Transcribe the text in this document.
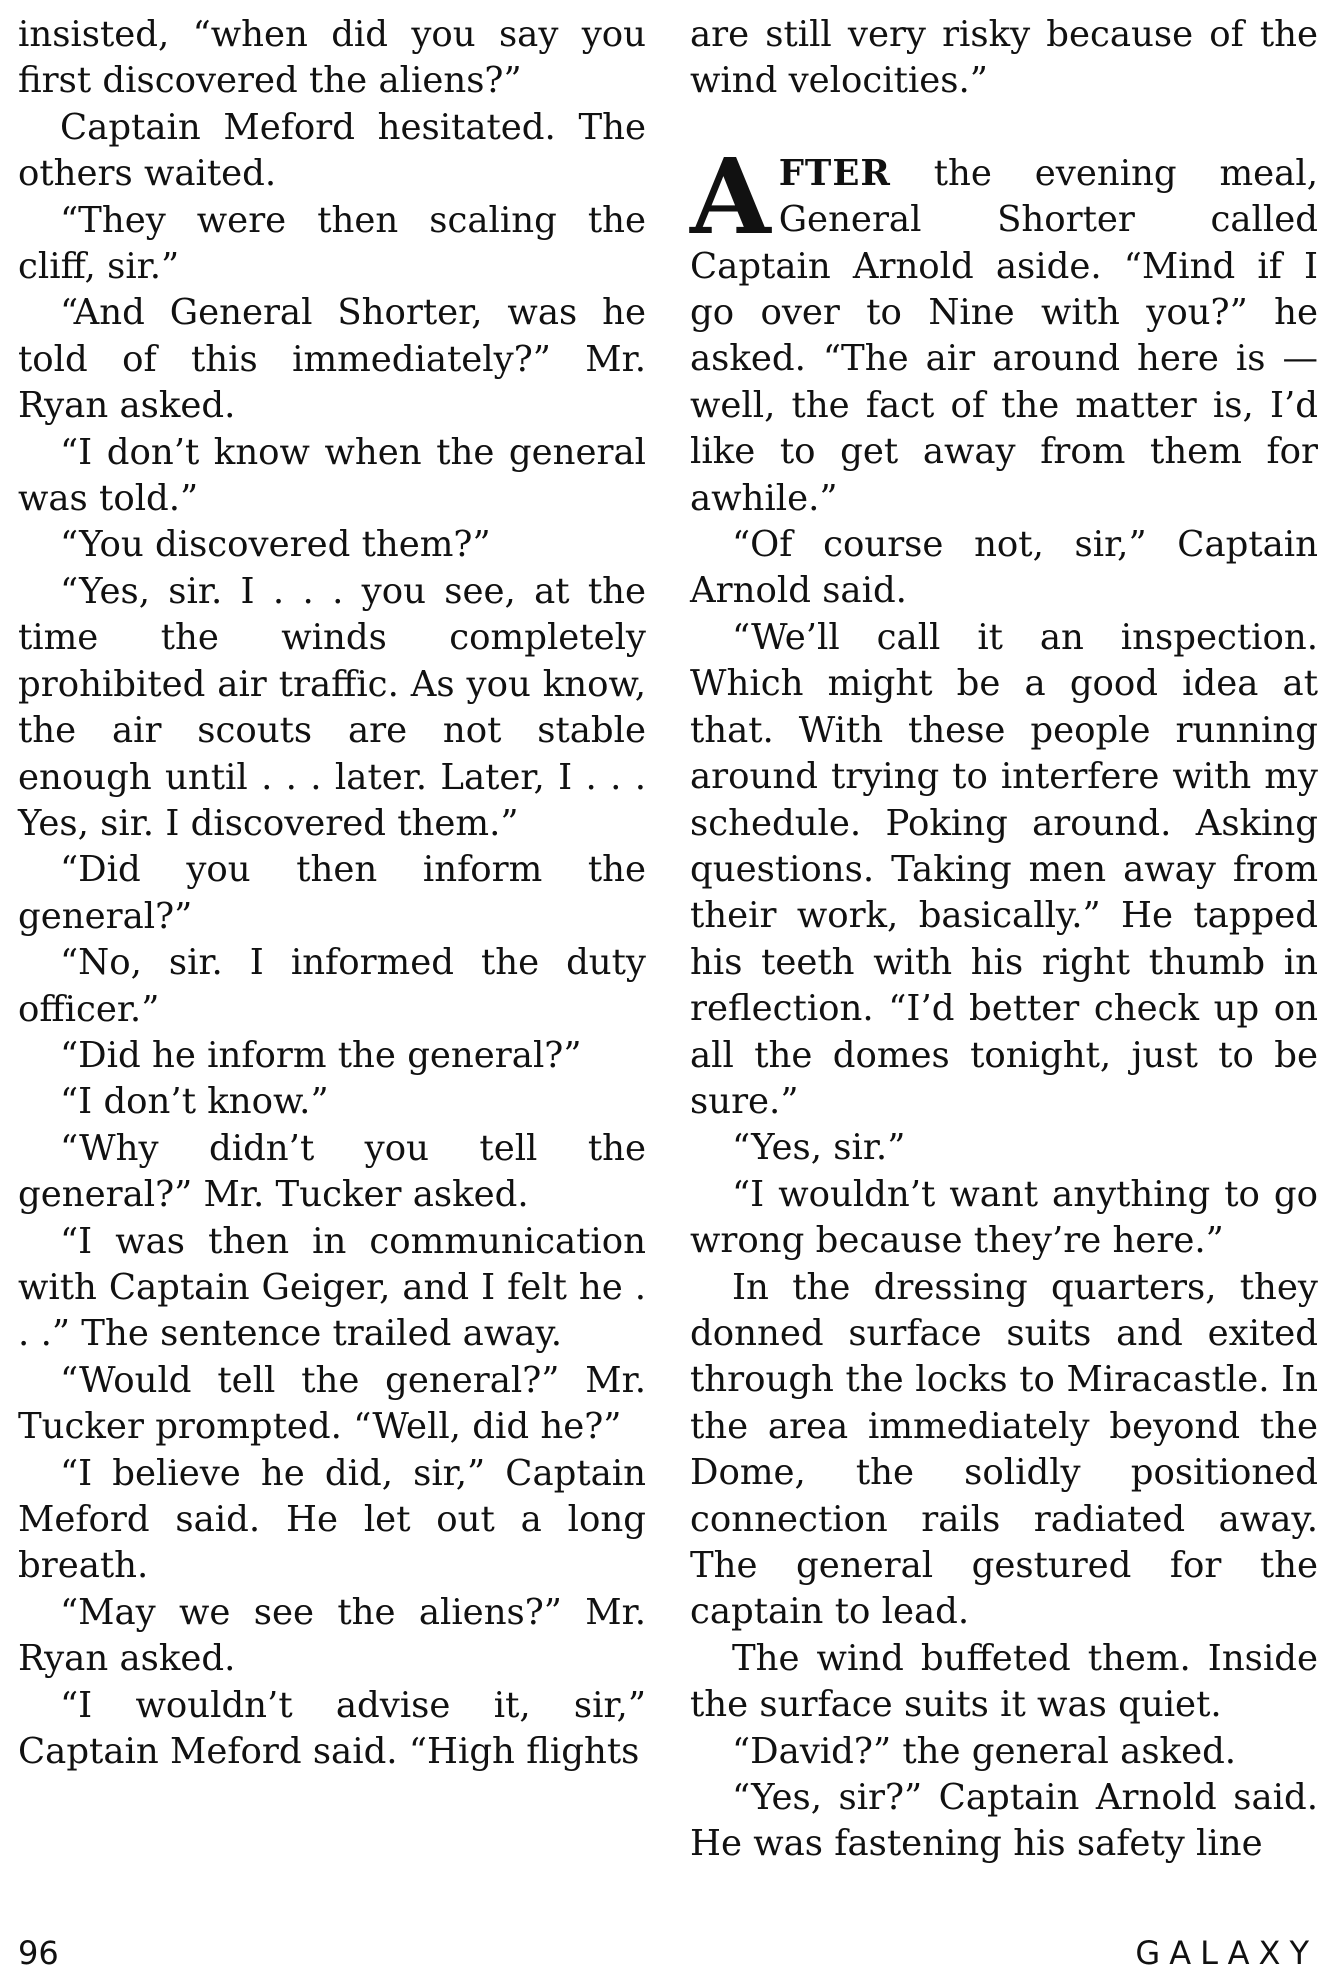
insisted, “when did you say you first discovered the aliens?”

Captain Meford hesitated. The others waited.

“They were then scaling the cliff, sir.”

“And General Shorter, was he told of this immediately?” Mr. Ryan asked.

“I don’t know when the general was told.”

“You discovered them?”

“Yes, sir. I . . . you see, at the time the winds completely prohibited air traffic. As you know, the air scouts are not stable enough until . . . later. Later, I . . . Yes, sir. I discovered them.”

“Did you then inform the general?”

“No, sir. I informed the duty officer.”

“Did he inform the general?”

“I don’t know.”

“Why didn’t you tell the general?” Mr. Tucker asked.

“I was then in communication with Captain Geiger, and I felt he . . .” The sentence trailed away.

“Would tell the general?” Mr. Tucker prompted. “Well, did he?”

“I believe he did, sir,” Captain Meford said. He let out a long breath.

“May we see the aliens?” Mr. Ryan asked.

“I wouldn’t advise it, sir,” Captain Meford said. “High flights

are still very risky because of the wind velocities.”

AFTER the evening meal, General Shorter called Captain Arnold aside. “Mind if I go over to Nine with you?” he asked. “The air around here is — well, the fact of the matter is, I’d like to get away from them for awhile.”

“Of course not, sir,” Captain Arnold said.

“We’ll call it an inspection. Which might be a good idea at that. With these people running around trying to interfere with my schedule. Poking around. Asking questions. Taking men away from their work, basically.” He tapped his teeth with his right thumb in reflection. “I’d better check up on all the domes tonight, just to be sure.”

“Yes, sir.”

“I wouldn’t want anything to go wrong because they’re here.”

In the dressing quarters, they donned surface suits and exited through the locks to Miracastle. In the area immediately beyond the Dome, the solidly positioned connection rails radiated away. The general gestured for the captain to lead.

The wind buffeted them. Inside the surface suits it was quiet.

“David?” the general asked.

“Yes, sir?” Captain Arnold said. He was fastening his safety line

96	GALAXY
